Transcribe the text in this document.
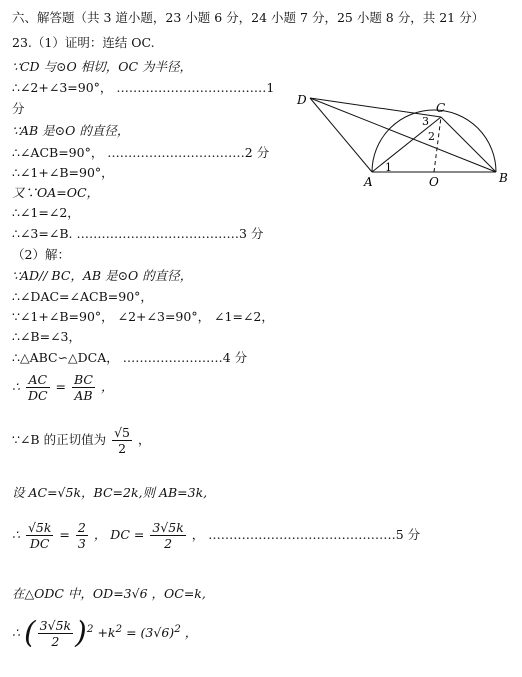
六、解答题（共 3 道小题，23 小题 6 分，24 小题 7 分，25 小题 8 分，共 21 分）
23.（1）证明：连结 OC.
∵CD 与⊙O 相切，OC 为半径，
∴∠2+∠3=90°， ………………………………1
分
∵AB 是⊙O 的直径，
∴∠ACB=90°， ……………………………2 分
∴∠1+∠B=90°，
又∵OA=OC，
∴∠1=∠2，
∴∠3=∠B. …………………………………3 分
（2）解：
∵AD// BC，AB 是⊙O 的直径，
∴∠DAC=∠ACB=90°，
∵∠1+∠B=90°， ∠2+∠3=90°， ∠1=∠2，
∴∠B=∠3，
∴△ABC∽△DCA， ……………………4 分
∴ $\frac{AC}{DC} = \frac{BC}{AB}$ ，
∵∠B 的正切值为 $\frac{√5}{2}$ ，
设 AC=√5k，BC=2k,则 AB=3k,
∴ $\frac{√5k}{DC} = \frac{2}{3}$ ， DC = $\frac{3√5k}{2}$ ， ………………………………………5 分
在△ODC 中，OD=3√6 ，OC=k,
∴ ( $\frac{3√5k}{2} )^2 +k^2 = (3√6)^2$ ，
D
C
A	O	B
1
2
3
